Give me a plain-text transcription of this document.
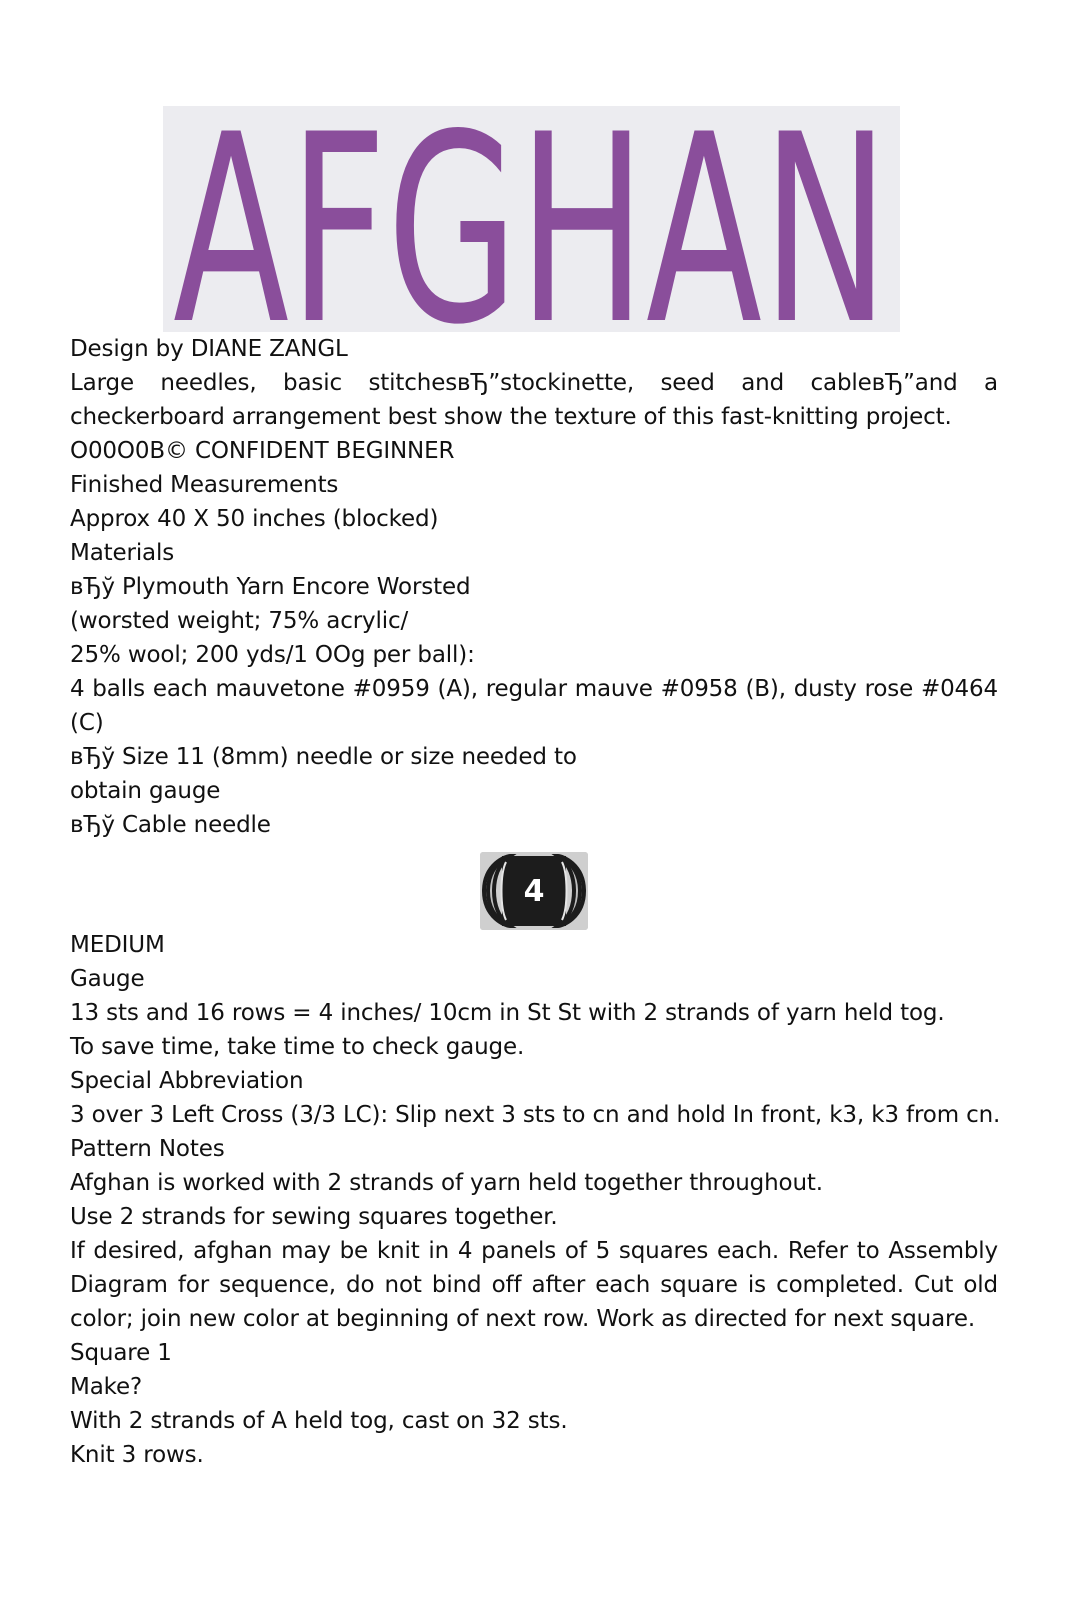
AFGHAN
Design by DIANE ZANGL
Large needles, basic stitchesвЂ”stockinette, seed and cableвЂ”and a checkerboard arrangement best show the texture of this fast-knitting project.
O00O0B© CONFIDENT BEGINNER
Finished Measurements
Approx 40 X 50 inches (blocked)
Materials
вЂў Plymouth Yarn Encore Worsted
(worsted weight; 75% acrylic/
25% wool; 200 yds/1 OOg per ball):
4 balls each mauvetone #0959 (A), regular mauve #0958 (B), dusty rose #0464 (C)
вЂў Size 11 (8mm) needle or size needed to
obtain gauge
вЂў Cable needle
4
MEDIUM
Gauge
13 sts and 16 rows = 4 inches/ 10cm in St St with 2 strands of yarn held tog.
To save time, take time to check gauge.
Special Abbreviation
3 over 3 Left Cross (3/3 LC): Slip next 3 sts to cn and hold In front, k3, k3 from cn.
Pattern Notes
Afghan is worked with 2 strands of yarn held together throughout.
Use 2 strands for sewing squares together.
If desired, afghan may be knit in 4 panels of 5 squares each. Refer to Assembly Diagram for sequence, do not bind off after each square is completed. Cut old color; join new color at beginning of next row. Work as directed for next square.
Square 1
Make?
With 2 strands of A held tog, cast on 32 sts.
Knit 3 rows.
